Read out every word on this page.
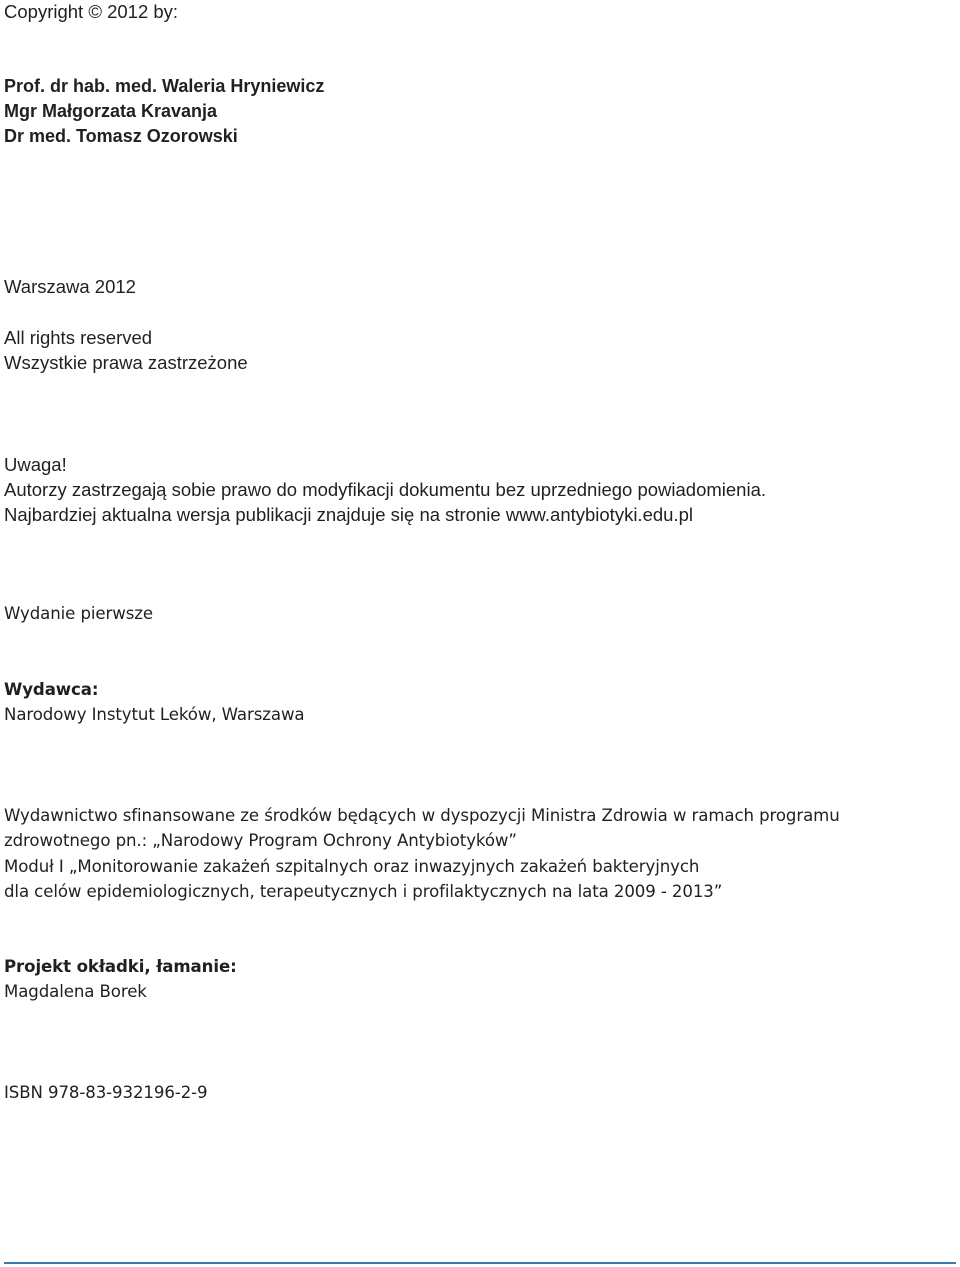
Copyright © 2012 by:
Prof. dr hab. med. Waleria Hryniewicz
Mgr Małgorzata Kravanja
Dr med. Tomasz Ozorowski
Warszawa 2012
All rights reserved
Wszystkie prawa zastrzeżone
Uwaga!
Autorzy zastrzegają sobie prawo do modyfikacji dokumentu bez uprzedniego powiadomienia.
Najbardziej aktualna wersja publikacji znajduje się na stronie www.antybiotyki.edu.pl
Wydanie pierwsze
Wydawca:
Narodowy Instytut Leków, Warszawa
Wydawnictwo sfinansowane ze środków będących w dyspozycji Ministra Zdrowia w ramach programu
zdrowotnego pn.: „Narodowy Program Ochrony Antybiotyków”
Moduł I „Monitorowanie zakażeń szpitalnych oraz inwazyjnych zakażeń bakteryjnych
dla celów epidemiologicznych, terapeutycznych i profilaktycznych na lata 2009 - 2013”
Projekt okładki, łamanie:
Magdalena Borek
ISBN 978-83-932196-2-9
